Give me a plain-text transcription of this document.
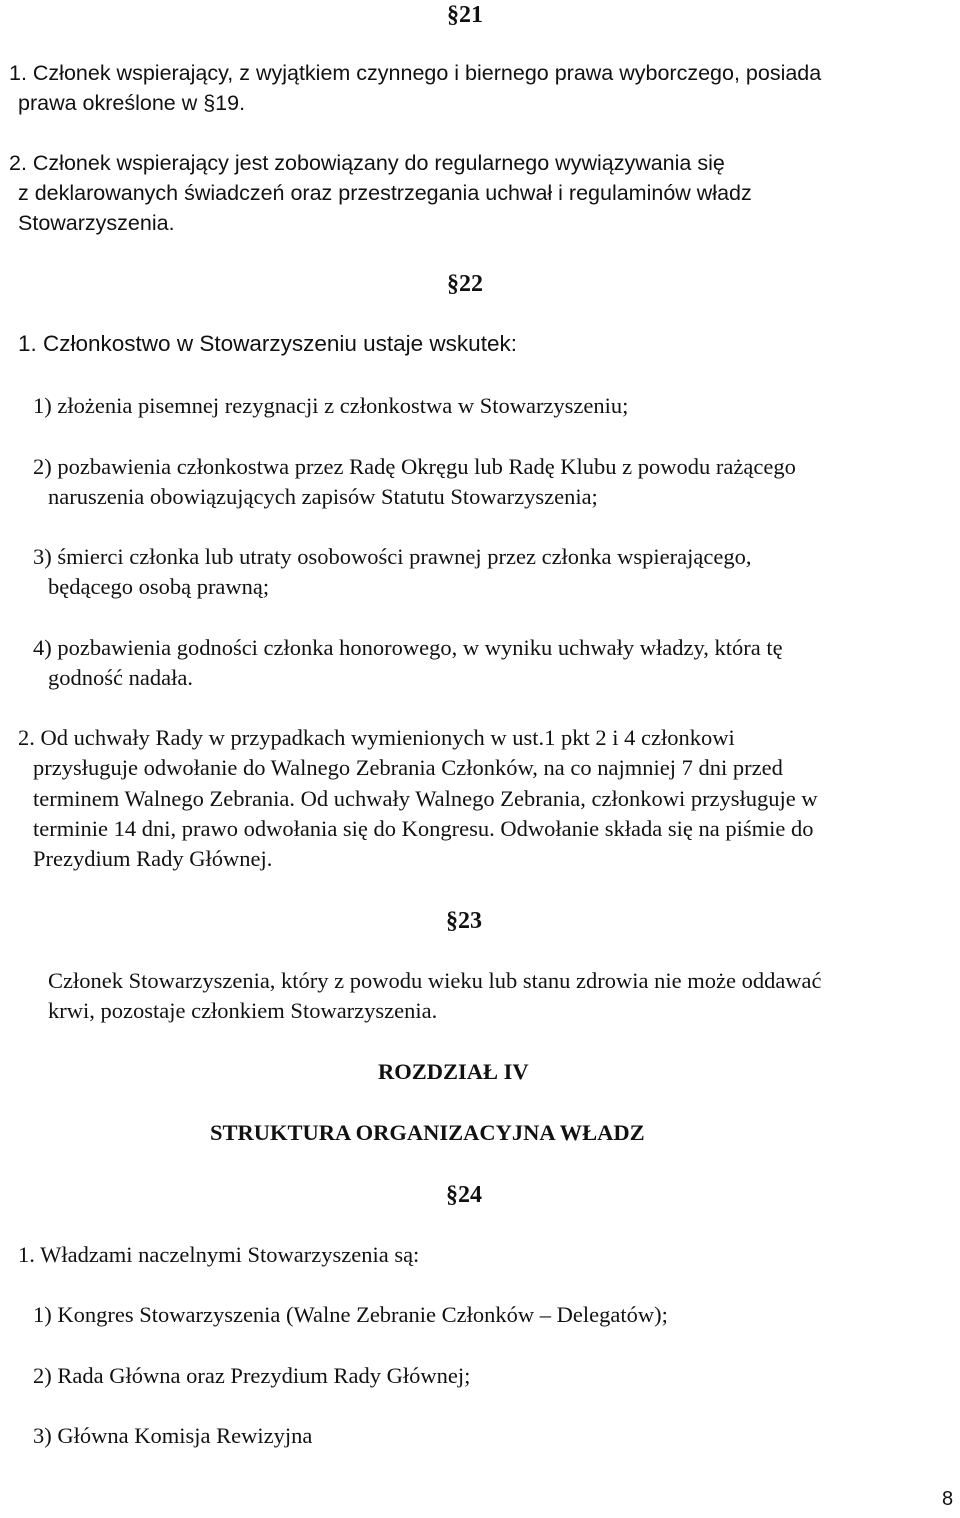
§21
1. Członek wspierający, z wyjątkiem czynnego i biernego prawa wyborczego, posiada
prawa określone w §19.
2. Członek wspierający jest zobowiązany do regularnego wywiązywania się
z deklarowanych świadczeń oraz przestrzegania uchwał i regulaminów władz
Stowarzyszenia.
§22
1. Członkostwo w Stowarzyszeniu ustaje wskutek:
1) złożenia pisemnej rezygnacji z członkostwa w Stowarzyszeniu;
2) pozbawienia członkostwa przez Radę Okręgu lub Radę Klubu z powodu rażącego
naruszenia obowiązujących zapisów Statutu Stowarzyszenia;
3) śmierci członka lub utraty osobowości prawnej przez członka wspierającego,
będącego osobą prawną;
4) pozbawienia godności członka honorowego, w wyniku uchwały władzy, która tę
godność nadała.
2. Od uchwały Rady w przypadkach wymienionych w ust.1 pkt 2 i 4 członkowi
przysługuje odwołanie do Walnego Zebrania Członków, na co najmniej 7 dni przed
terminem Walnego Zebrania. Od uchwały Walnego Zebrania, członkowi przysługuje w
terminie 14 dni, prawo odwołania się do Kongresu. Odwołanie składa się na piśmie do
Prezydium Rady Głównej.
§23
Członek Stowarzyszenia, który z powodu wieku lub stanu zdrowia nie może oddawać
krwi, pozostaje członkiem Stowarzyszenia.
ROZDZIAŁ IV
STRUKTURA ORGANIZACYJNA WŁADZ
§24
1. Władzami naczelnymi Stowarzyszenia są:
1) Kongres Stowarzyszenia (Walne Zebranie Członków – Delegatów);
2) Rada Główna oraz Prezydium Rady Głównej;
3) Główna Komisja Rewizyjna
8
